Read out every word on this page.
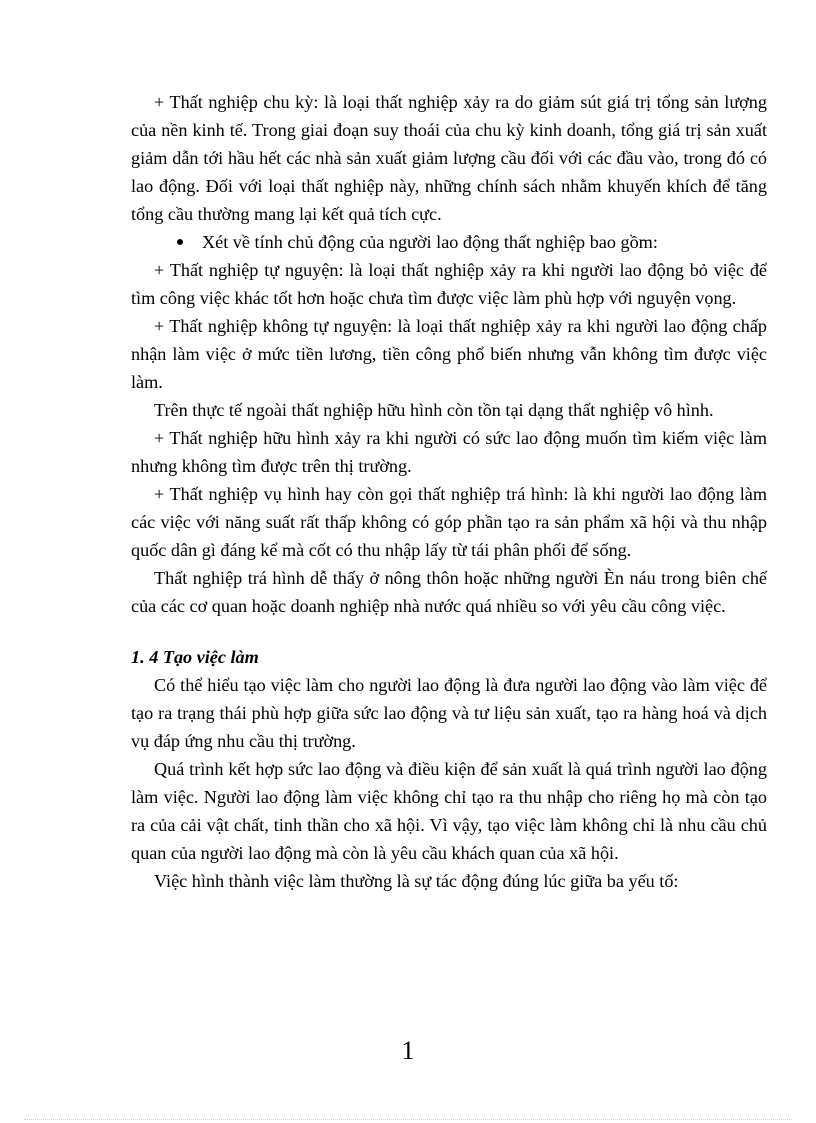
+ Thất nghiệp chu kỳ: là loại thất nghiệp xảy ra do giảm sút giá trị tổng sản lượng của nền kinh tế. Trong giai đoạn suy thoái của chu kỳ kinh doanh, tổng giá trị sản xuất giảm dẫn tới hầu hết các nhà sản xuất giảm lượng cầu đối với các đầu vào, trong đó có lao động. Đối với loại thất nghiệp này, những chính sách nhằm khuyến khích để tăng tổng cầu thường mang lại kết quả tích cực.

Xét về tính chủ động của người lao động thất nghiệp bao gồm:

+ Thất nghiệp tự nguyện: là loại thất nghiệp xảy ra khi người lao động bỏ việc để tìm công việc khác tốt hơn hoặc chưa tìm được việc làm phù hợp với nguyện vọng.

+ Thất nghiệp không tự nguyện: là loại thất nghiệp xảy ra khi người lao động chấp nhận làm việc ở mức tiền lương, tiền công phổ biến nhưng vẫn không tìm được việc làm.

Trên thực tế ngoài thất nghiệp hữu hình còn tồn tại dạng thất nghiệp vô hình.

+ Thất nghiệp hữu hình xảy ra khi người có sức lao động muốn tìm kiếm việc làm nhưng không tìm được trên thị trường.

+ Thất nghiệp vụ hình hay còn gọi thất nghiệp trá hình: là khi người lao động làm các việc với năng suất rất thấp không có góp phần tạo ra sản phẩm xã hội và thu nhập quốc dân gì đáng kể mà cốt có thu nhập lấy từ tái phân phối để sống.

Thất nghiệp trá hình dễ thấy ở nông thôn hoặc những người Èn náu trong biên chế của các cơ quan hoặc doanh nghiệp nhà nước quá nhiều so với yêu cầu công việc.

1. 4 Tạo việc làm

Có thể hiểu tạo việc làm cho người lao động là đưa người lao động vào làm việc để tạo ra trạng thái phù hợp giữa sức lao động và tư liệu sản xuất, tạo ra hàng hoá và dịch vụ đáp ứng nhu cầu thị trường.

Quá trình kết hợp sức lao động và điều kiện để sản xuất là quá trình người lao động làm việc. Người lao động làm việc không chỉ tạo ra thu nhập cho riêng họ mà còn tạo ra của cải vật chất, tinh thần cho xã hội. Vì vậy, tạo việc làm không chỉ là nhu cầu chủ quan của người lao động mà còn là yêu cầu khách quan của xã hội.

Việc hình thành việc làm thường là sự tác động đúng lúc giữa ba yếu tố:

1
